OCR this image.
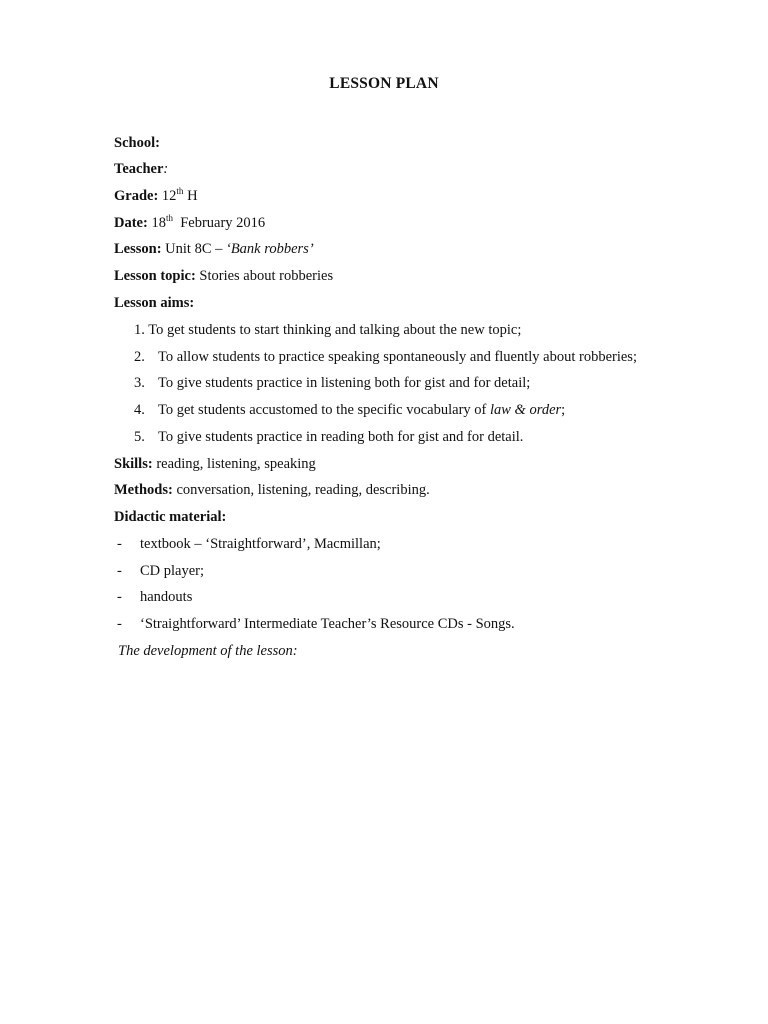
LESSON PLAN
School:
Teacher:
Grade: 12th H
Date: 18th February 2016
Lesson: Unit 8C – ‘Bank robbers’
Lesson topic: Stories about robberies
Lesson aims:
1. To get students to start thinking and talking about the new topic;
2. To allow students to practice speaking spontaneously and fluently about robberies;
3. To give students practice in listening both for gist and for detail;
4. To get students accustomed to the specific vocabulary of law & order;
5. To give students practice in reading both for gist and for detail.
Skills: reading, listening, speaking
Methods: conversation, listening, reading, describing.
Didactic material:
- textbook – ‘Straightforward’, Macmillan;
- CD player;
- handouts
- ‘Straightforward’ Intermediate Teacher’s Resource CDs - Songs.
The development of the lesson:
